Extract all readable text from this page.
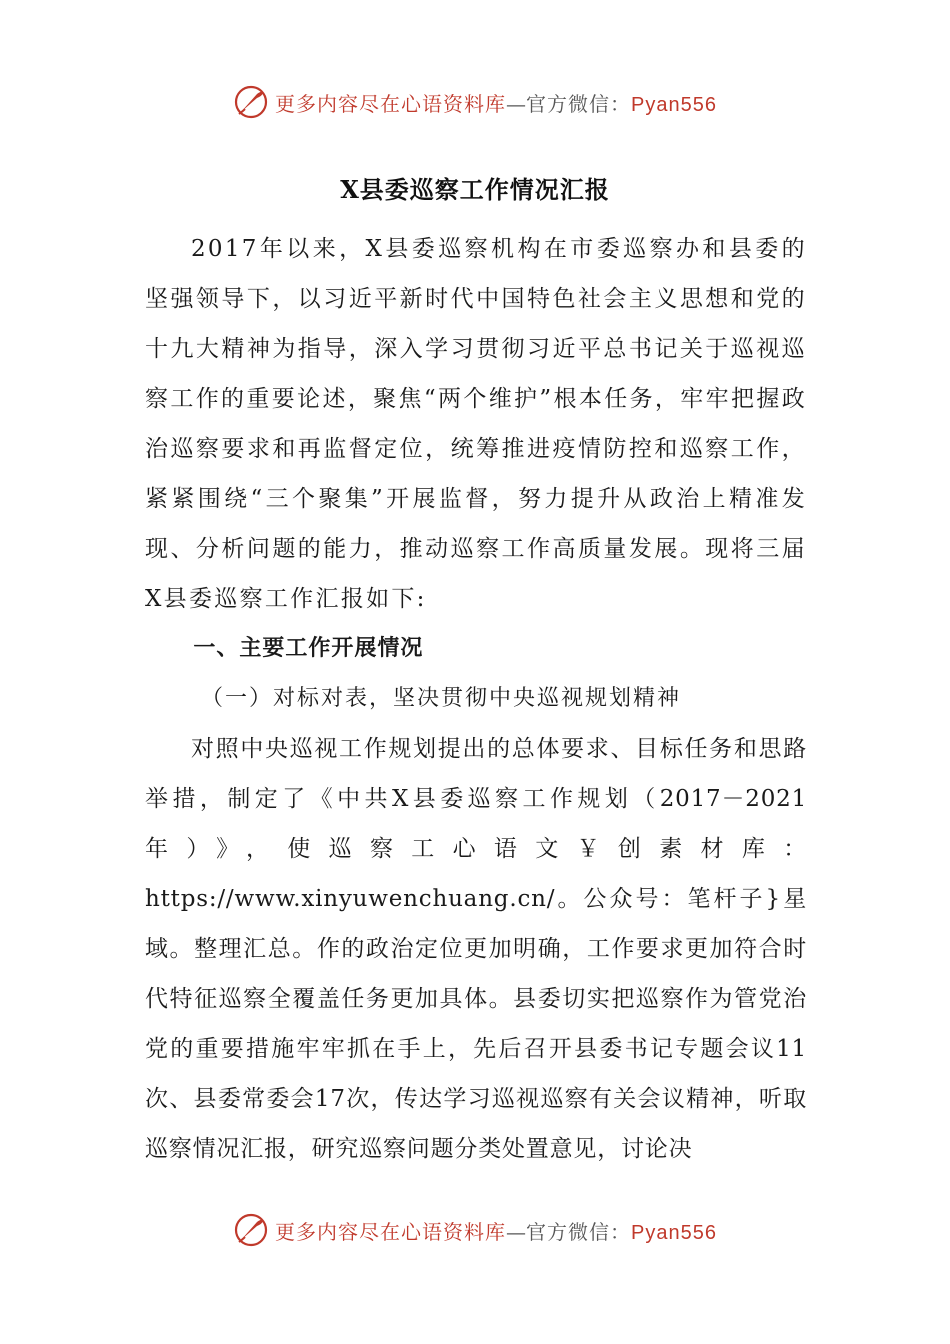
更多内容尽在心语资料库—官方微信：Pyan556
X县委巡察工作情况汇报

2017年以来，X县委巡察机构在市委巡察办和县委的坚强领导下，以习近平新时代中国特色社会主义思想和党的十九大精神为指导，深入学习贯彻习近平总书记关于巡视巡察工作的重要论述，聚焦“两个维护”根本任务，牢牢把握政治巡察要求和再监督定位，统筹推进疫情防控和巡察工作，紧紧围绕“三个聚集”开展监督，努力提升从政治上精准发现、分析问题的能力，推动巡察工作高质量发展。现将三届X县委巡察工作汇报如下:

一、主要工作开展情况

（一）对标对表，坚决贯彻中央巡视规划精神

对照中央巡视工作规划提出的总体要求、目标任务和思路举措，制定了《中共X县委巡察工作规划（2017－2021年）》，使巡察工心语文￥创素材库：https://www.xinyuwenchuang.cn/。公众号：笔杆子}星域。整理汇总。作的政治定位更加明确，工作要求更加符合时代特征巡察全覆盖任务更加具体。县委切实把巡察作为管党治党的重要措施牢牢抓在手上，先后召开县委书记专题会议11次、县委常委会17次，传达学习巡视巡察有关会议精神，听取巡察情况汇报，研究巡察问题分类处置意见，讨论决

更多内容尽在心语资料库—官方微信：Pyan556
